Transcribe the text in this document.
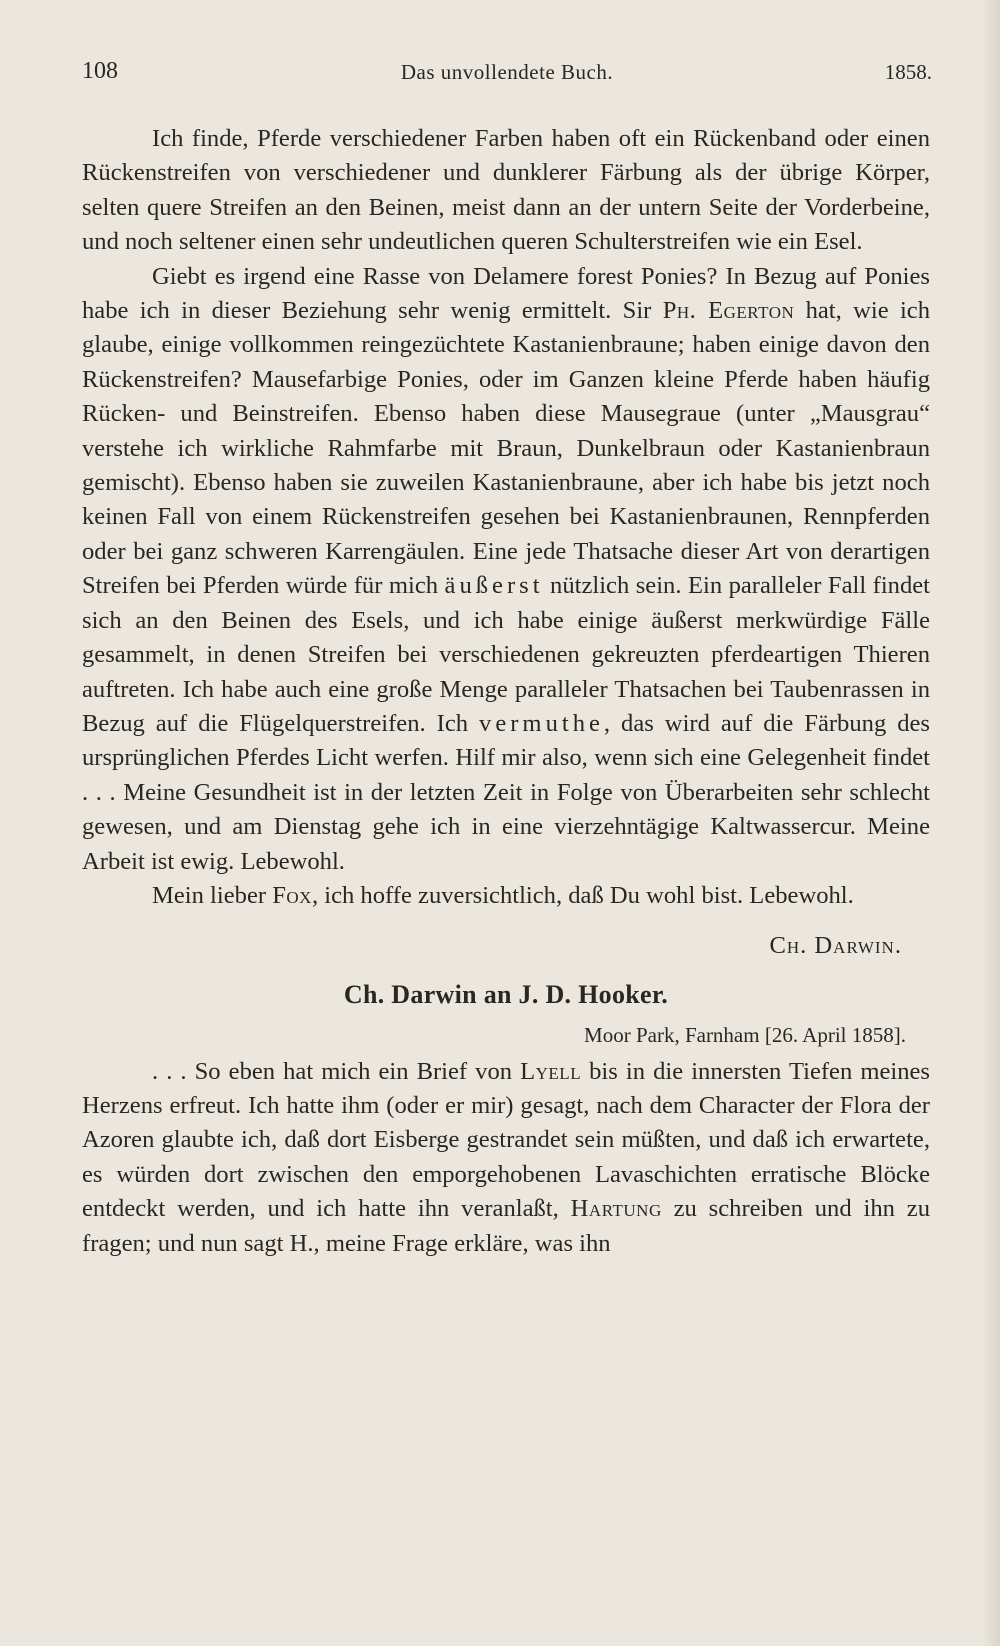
108	Das unvollendete Buch.	1858.

Ich finde, Pferde verschiedener Farben haben oft ein Rückenband oder einen Rückenstreifen von verschiedener und dunklerer Färbung als der übrige Körper, selten quere Streifen an den Beinen, meist dann an der untern Seite der Vorderbeine, und noch seltener einen sehr undeutlichen queren Schulterstreifen wie ein Esel.

Giebt es irgend eine Rasse von Delamere forest Ponies? In Bezug auf Ponies habe ich in dieser Beziehung sehr wenig ermittelt. Sir Ph. Egerton hat, wie ich glaube, einige vollkommen reingezüchtete Kastanienbraune; haben einige davon den Rückenstreifen? Mausefarbige Ponies, oder im Ganzen kleine Pferde haben häufig Rücken- und Beinstreifen. Ebenso haben diese Mausegraue (unter „Mausgrau“ verstehe ich wirkliche Rahmfarbe mit Braun, Dunkelbraun oder Kastanienbraun gemischt). Ebenso haben sie zuweilen Kastanienbraune, aber ich habe bis jetzt noch keinen Fall von einem Rückenstreifen gesehen bei Kastanienbraunen, Rennpferden oder bei ganz schweren Karrengäulen. Eine jede Thatsache dieser Art von derartigen Streifen bei Pferden würde für mich äußerst nützlich sein. Ein paralleler Fall findet sich an den Beinen des Esels, und ich habe einige äußerst merkwürdige Fälle gesammelt, in denen Streifen bei verschiedenen gekreuzten pferdeartigen Thieren auftreten. Ich habe auch eine große Menge paralleler Thatsachen bei Taubenrassen in Bezug auf die Flügelquerstreifen. Ich vermuthe, das wird auf die Färbung des ursprünglichen Pferdes Licht werfen. Hilf mir also, wenn sich eine Gelegenheit findet . . . Meine Gesundheit ist in der letzten Zeit in Folge von Überarbeiten sehr schlecht gewesen, und am Dienstag gehe ich in eine vierzehntägige Kaltwassercur. Meine Arbeit ist ewig. Lebewohl.

Mein lieber Fox, ich hoffe zuversichtlich, daß Du wohl bist. Lebewohl.

Ch. Darwin.
Ch. Darwin an J. D. Hooker.
Moor Park, Farnham [26. April 1858].

. . . So eben hat mich ein Brief von Lyell bis in die innersten Tiefen meines Herzens erfreut. Ich hatte ihm (oder er mir) gesagt, nach dem Character der Flora der Azoren glaubte ich, daß dort Eisberge gestrandet sein müßten, und daß ich erwartete, es würden dort zwischen den emporgehobenen Lavaschichten erratische Blöcke entdeckt werden, und ich hatte ihn veranlaßt, Hartung zu schreiben und ihn zu fragen; und nun sagt H., meine Frage erkläre, was ihn
